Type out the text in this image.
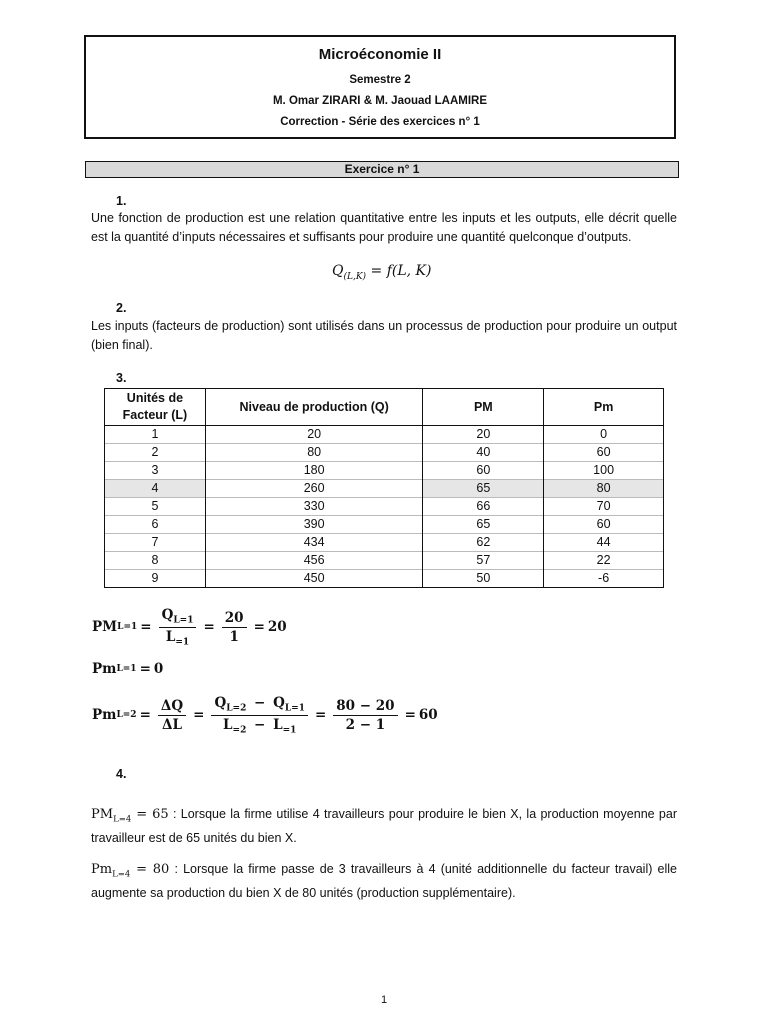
Microéconomie II
Semestre 2
M. Omar ZIRARI & M. Jaouad LAAMIRE
Correction - Série des exercices n° 1
Exercice n° 1
1.
Une fonction de production est une relation quantitative entre les inputs et les outputs, elle décrit quelle est la quantité d’inputs nécessaires et suffisants pour produire une quantité quelconque d’outputs.
$Q_{(L,K)} = f(L$, K)
2.
Les inputs (facteurs de production) sont utilisés dans un processus de production pour produire un output (bien final).
3.
Unités de Facteur (L)	Niveau de production (Q)	PM	Pm
1	20	20	0
2	80	40	60
3	180	60	100
4	260	65	80
5	330	66	70
6	390	65	60
7	434	62	44
8	456	57	22
9	450	50	-6
PM $L=1 = \frac{Q_{L=1}}{L_{=1}} = \frac{20}{1} = 20$
Pm L=1 = 0
Pm $L=2 = \frac{\Delta Q}{\Delta L} = \frac{Q_{L=2} - Q_{L=1}}{L_{=2} - L_{=1}} = \frac{80 - 20}{2 - 1} = 60$
4.
$PM_{L=4} = 65$ : Lorsque la firme utilise 4 travailleurs pour produire le bien X, la production moyenne par travailleur est de 65 unités du bien X.
$Pm_{L=4} = 80$ : Lorsque la firme passe de 3 travailleurs à 4 (unité additionnelle du facteur travail) elle augmente sa production du bien X de 80 unités (production supplémentaire).
1
